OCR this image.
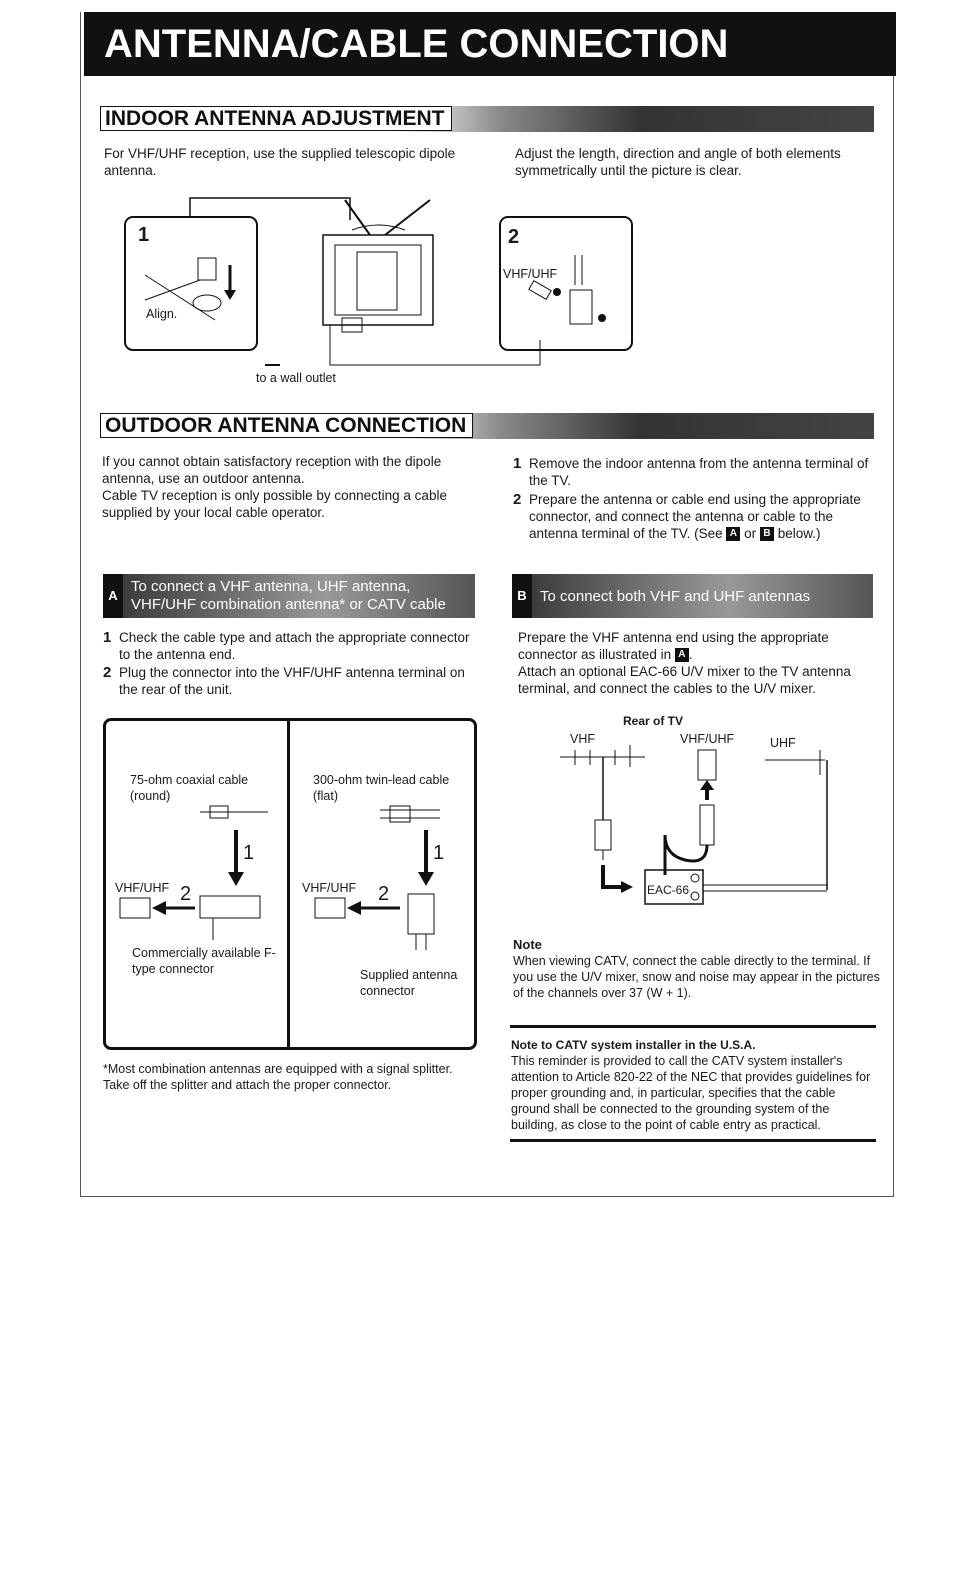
ANTENNA/CABLE CONNECTION
INDOOR ANTENNA ADJUSTMENT
For VHF/UHF reception, use the supplied telescopic dipole antenna.
Adjust the length, direction and angle of both elements symmetrically until the picture is clear.
1
Align.
2
VHF/UHF
to a wall outlet
OUTDOOR ANTENNA CONNECTION
If you cannot obtain satisfactory reception with the dipole antenna, use an outdoor antenna.
Cable TV reception is only possible by connecting a cable supplied by your local cable operator.
1 Remove the indoor antenna from the antenna terminal of the TV.
2 Prepare the antenna or cable end using the appropriate connector, and connect the antenna or cable to the antenna terminal of the TV. (See A or B below.)
A
To connect a VHF antenna, UHF antenna, VHF/UHF combination antenna* or CATV cable
1 Check the cable type and attach the appropriate connector to the antenna end.
2 Plug the connector into the VHF/UHF antenna terminal on the rear of the unit.
75-ohm coaxial cable (round)
300-ohm twin-lead cable (flat)
1	1
2	2
VHF/UHF	VHF/UHF
Commercially available F-type connector	Supplied antenna connector
*Most combination antennas are equipped with a signal splitter. Take off the splitter and attach the proper connector.
B To connect both VHF and UHF antennas
Prepare the VHF antenna end using the appropriate connector as illustrated in A .
Attach an optional EAC-66 U/V mixer to the TV antenna terminal, and connect the cables to the U/V mixer.
Rear of TV
VHF	VHF/UHF	UHF
EAC-66
Note
When viewing CATV, connect the cable directly to the terminal. If you use the U/V mixer, snow and noise may appear in the pictures of the channels over 37 (W + 1).
Note to CATV system installer in the U.S.A.
This reminder is provided to call the CATV system installer's attention to Article 820-22 of the NEC that provides guidelines for proper grounding and, in particular, specifies that the cable ground shall be connected to the grounding system of the building, as close to the point of cable entry as practical.
